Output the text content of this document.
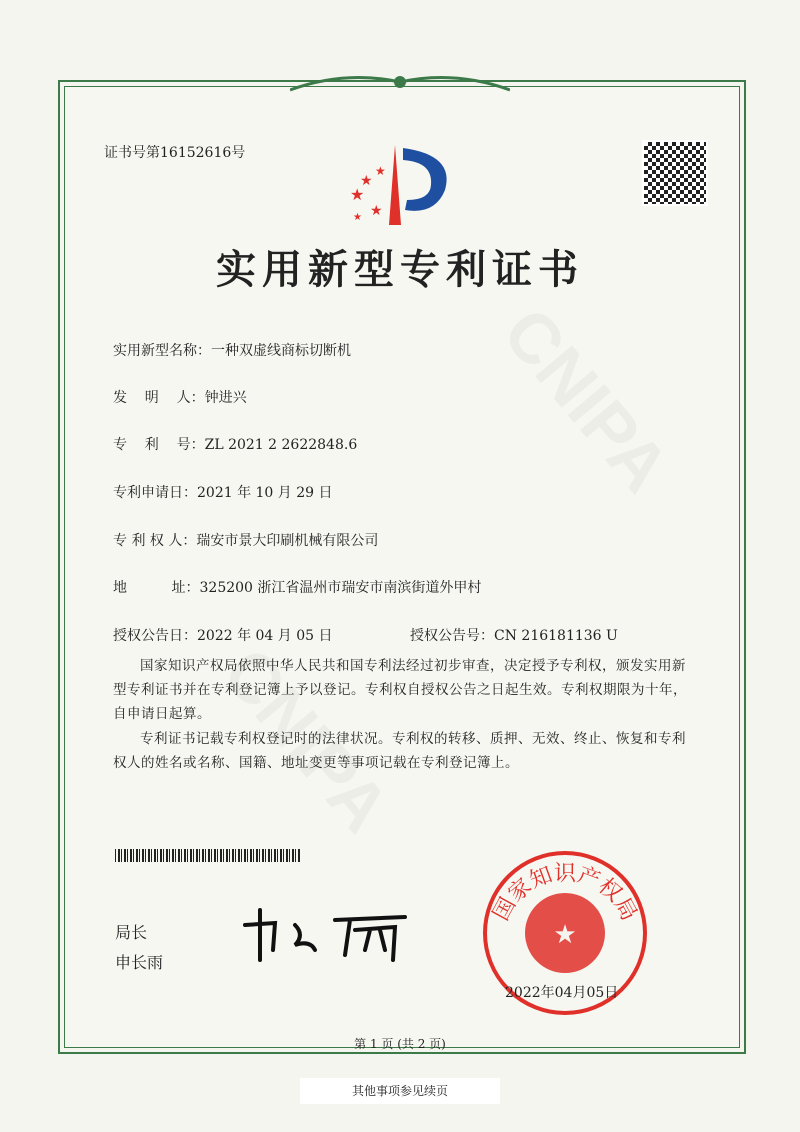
证书号第16152616号
★
★
★
★
★
实用新型专利证书
实用新型名称：一种双虚线商标切断机
发    明    人：钟进兴
专    利    号：ZL 2021 2 2622848.6
专利申请日：2021 年 10 月 29 日
专 利 权 人：瑞安市景大印刷机械有限公司
地          址：325200 浙江省温州市瑞安市南滨街道外甲村
授权公告日：2022 年 04 月 05 日	授权公告号：CN 216181136 U
国家知识产权局依照中华人民共和国专利法经过初步审查，决定授予专利权，颁发实用新型专利证书并在专利登记簿上予以登记。专利权自授权公告之日起生效。专利权期限为十年，自申请日起算。
专利证书记载专利权登记时的法律状况。专利权的转移、质押、无效、终止、恢复和专利权人的姓名或名称、国籍、地址变更等事项记载在专利登记簿上。
局长
申长雨
★
国家知识产权局
2022年04月05日
第 1 页 (共 2 页)
其他事项参见续页
